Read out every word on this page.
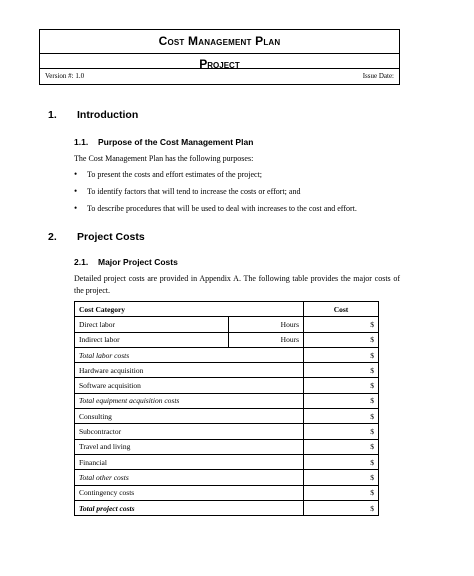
Cost Management Plan
Project
Version #: 1.0	Issue Date:
1. Introduction
1.1. Purpose of the Cost Management Plan
The Cost Management Plan has the following purposes:
• To present the costs and effort estimates of the project;
• To identify factors that will tend to increase the costs or effort; and
• To describe procedures that will be used to deal with increases to the cost and effort.
2. Project Costs
2.1. Major Project Costs
Detailed project costs are provided in Appendix A. The following table provides the major costs of the project.
Cost Category		Cost
Direct labor	Hours	$
Indirect labor	Hours	$
Total labor costs		$
Hardware acquisition		$
Software acquisition		$
Total equipment acquisition costs		$
Consulting		$
Subcontractor		$
Travel and living		$
Financial		$
Total other costs		$
Contingency costs		$
Total project costs		$
